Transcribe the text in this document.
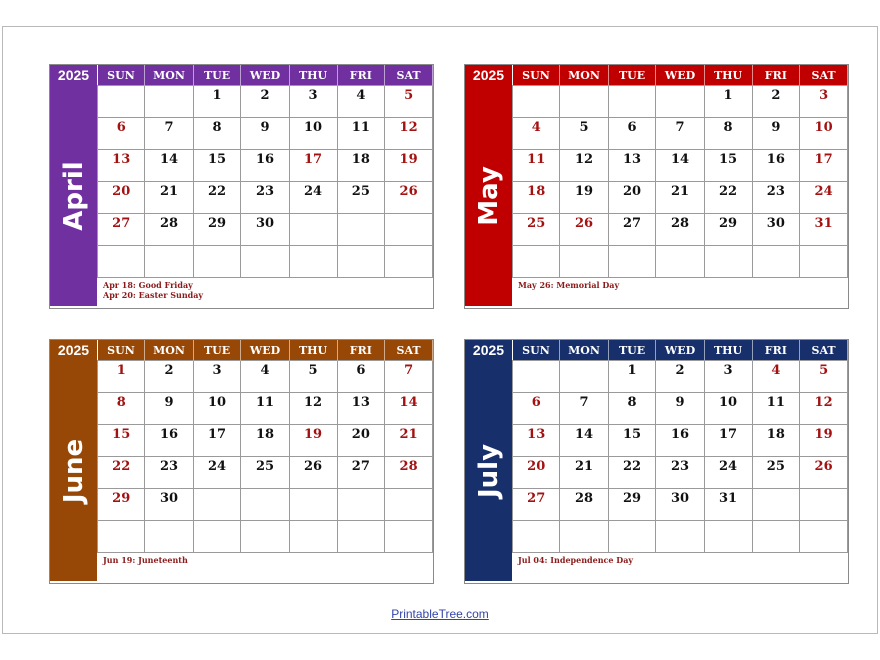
2025
April
SUN	MON	TUE	WED	THU	FRI	SAT

		1	2	3	4	5

6	7	8	9	10	11	12

13	14	15	16	17	18	19

20	21	22	23	24	25	26

27	28	29	30			

Apr 18: Good Friday
Apr 20: Easter Sunday
2025
May
SUN	MON	TUE	WED	THU	FRI	SAT

				1	2	3

4	5	6	7	8	9	10

11	12	13	14	15	16	17

18	19	20	21	22	23	24

25	26	27	28	29	30	31

May 26: Memorial Day
2025
June
SUN	MON	TUE	WED	THU	FRI	SAT

1	2	3	4	5	6	7

8	9	10	11	12	13	14

15	16	17	18	19	20	21

22	23	24	25	26	27	28

29	30					

Jun 19: Juneteenth
2025
July
SUN	MON	TUE	WED	THU	FRI	SAT

		1	2	3	4	5

6	7	8	9	10	11	12

13	14	15	16	17	18	19

20	21	22	23	24	25	26

27	28	29	30	31		

Jul 04: Independence Day
PrintableTree.com
